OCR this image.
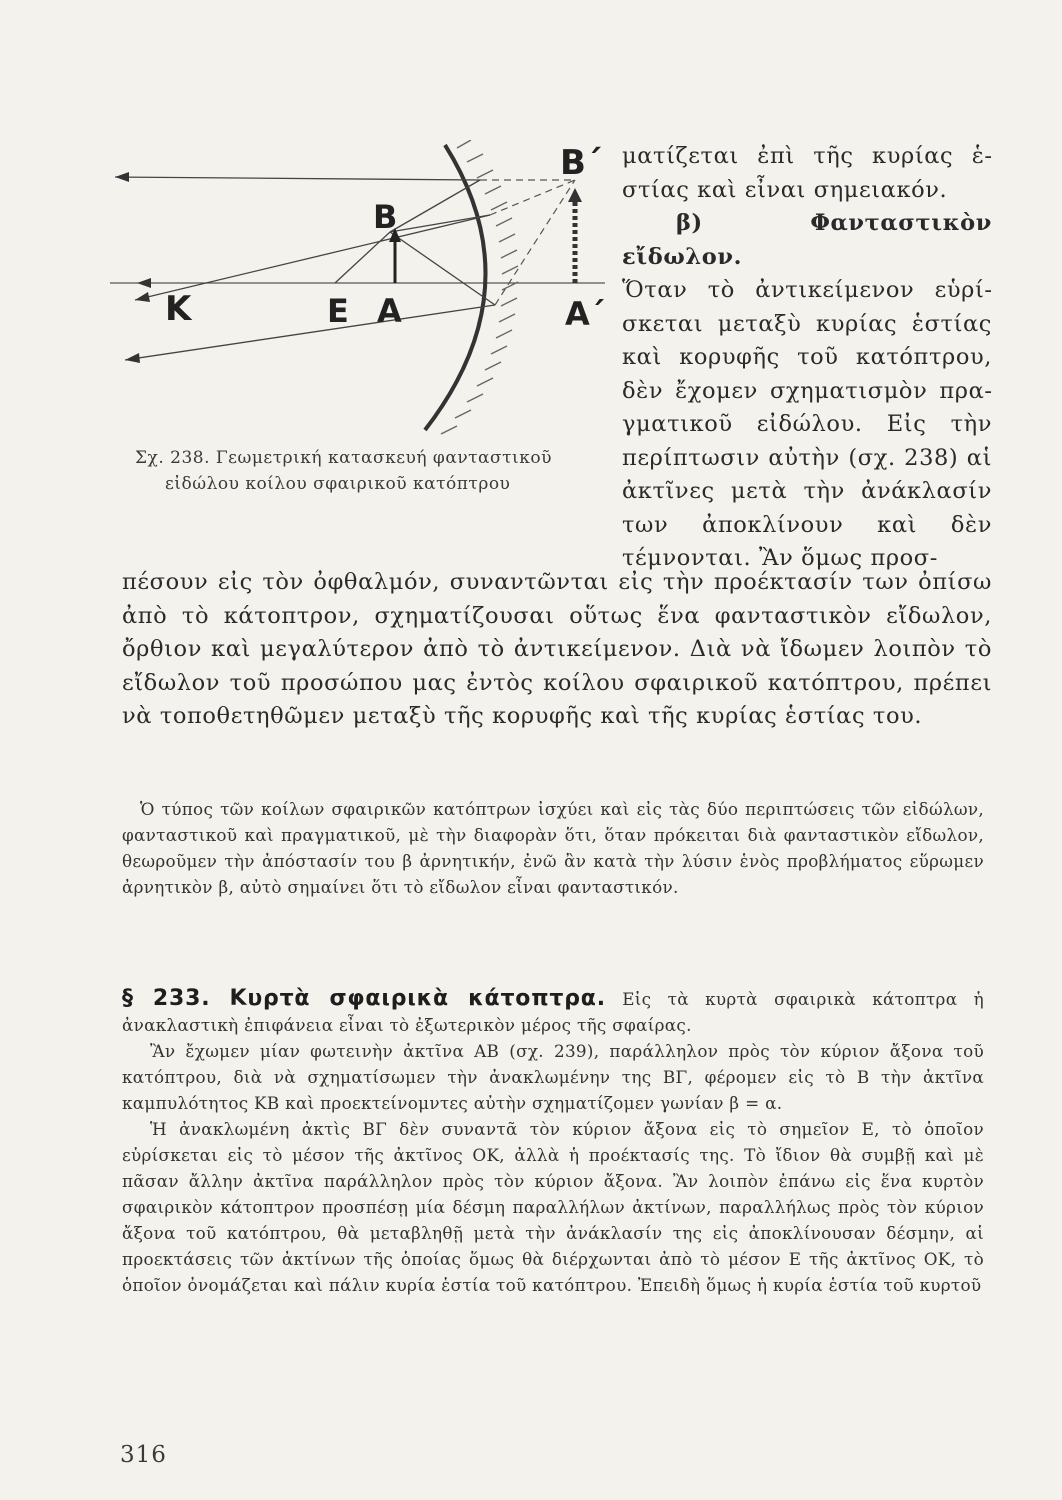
Κ	Ε Α
Β
Α΄
Β΄
Σχ. 238. Γεωμετρική κατασκευή φανταστικοῦ
εἰδώλου κοίλου σφαιρικοῦ κατόπτρου

ματίζεται ἐπὶ τῆς κυρίας ἑστίας καὶ εἶναι σημειακόν.

β) Φανταστικὸν εἴδωλον.

Ὅταν τὸ ἀντικείμενον εὑρίσκεται μεταξὺ κυρίας ἑστίας καὶ κορυφῆς τοῦ κατόπτρου, δὲν ἔχομεν σχηματισμὸν πραγματικοῦ εἰδώλου. Εἰς τὴν περίπτωσιν αὐτὴν (σχ. 238) αἱ ἀκτῖνες μετὰ τὴν ἀνάκλασίν των ἀποκλίνουν καὶ δὲν τέμνονται. Ἂν ὅμως προσ-

πέσουν εἰς τὸν ὀφθαλμόν, συναντῶνται εἰς τὴν προέκτασίν των ὀπίσω ἀπὸ τὸ κάτοπτρον, σχηματίζουσαι οὕτως ἕνα φανταστικὸν εἴδωλον, ὄρθιον καὶ μεγαλύτερον ἀπὸ τὸ ἀντικείμενον. Διὰ νὰ ἴδωμεν λοιπὸν τὸ εἴδωλον τοῦ προσώπου μας ἐντὸς κοίλου σφαιρικοῦ κατόπτρου, πρέπει νὰ τοποθετηθῶμεν μεταξὺ τῆς κορυφῆς καὶ τῆς κυρίας ἑστίας του.

Ὁ τύπος τῶν κοίλων σφαιρικῶν κατόπτρων ἰσχύει καὶ εἰς τὰς δύο περιπτώσεις τῶν εἰδώλων, φανταστικοῦ καὶ πραγματικοῦ, μὲ τὴν διαφορὰν ὅτι, ὅταν πρόκειται διὰ φανταστικὸν εἴδωλον, θεωροῦμεν τὴν ἀπόστασίν του β ἀρνητικήν, ἐνῶ ἂν κατὰ τὴν λύσιν ἑνὸς προβλήματος εὕρωμεν ἀρνητικὸν β, αὐτὸ σημαίνει ὅτι τὸ εἴδωλον εἶναι φανταστικόν.

§ 233. Κυρτὰ σφαιρικὰ κάτοπτρα. Εἰς τὰ κυρτὰ σφαιρικὰ κάτοπτρα ἡ ἀνακλαστικὴ ἐπιφάνεια εἶναι τὸ ἐξωτερικὸν μέρος τῆς σφαίρας.

Ἂν ἔχωμεν μίαν φωτεινὴν ἀκτῖνα ΑΒ (σχ. 239), παράλληλον πρὸς τὸν κύριον ἄξονα τοῦ κατόπτρου, διὰ νὰ σχηματίσωμεν τὴν ἀνακλωμένην της ΒΓ, φέρομεν εἰς τὸ Β τὴν ἀκτῖνα καμπυλότητος ΚΒ καὶ προεκτείνομντες αὐτὴν σχηματίζομεν γωνίαν β = α.

Ἡ ἀνακλωμένη ἀκτὶς ΒΓ δὲν συναντᾶ τὸν κύριον ἄξονα εἰς τὸ σημεῖον Ε, τὸ ὁποῖον εὑρίσκεται εἰς τὸ μέσον τῆς ἀκτῖνος ΟΚ, ἀλλὰ ἡ προέκτασίς της. Τὸ ἴδιον θὰ συμβῇ καὶ μὲ πᾶσαν ἄλλην ἀκτῖνα παράλληλον πρὸς τὸν κύριον ἄξονα. Ἂν λοιπὸν ἐπάνω εἰς ἕνα κυρτὸν σφαιρικὸν κάτοπτρον προσπέσῃ μία δέσμη παραλλήλων ἀκτίνων, παραλλήλως πρὸς τὸν κύριον ἄξονα τοῦ κατόπτρου, θὰ μεταβληθῇ μετὰ τὴν ἀνάκλασίν της εἰς ἀποκλίνουσαν δέσμην, αἱ προεκτάσεις τῶν ἀκτίνων τῆς ὁποίας ὅμως θὰ διέρχωνται ἀπὸ τὸ μέσον Ε τῆς ἀκτῖνος ΟΚ, τὸ ὁποῖον ὀνομάζεται καὶ πάλιν κυρία ἑστία τοῦ κατόπτρου. Ἐπειδὴ ὅμως ἡ κυρία ἑστία τοῦ κυρτοῦ

316
